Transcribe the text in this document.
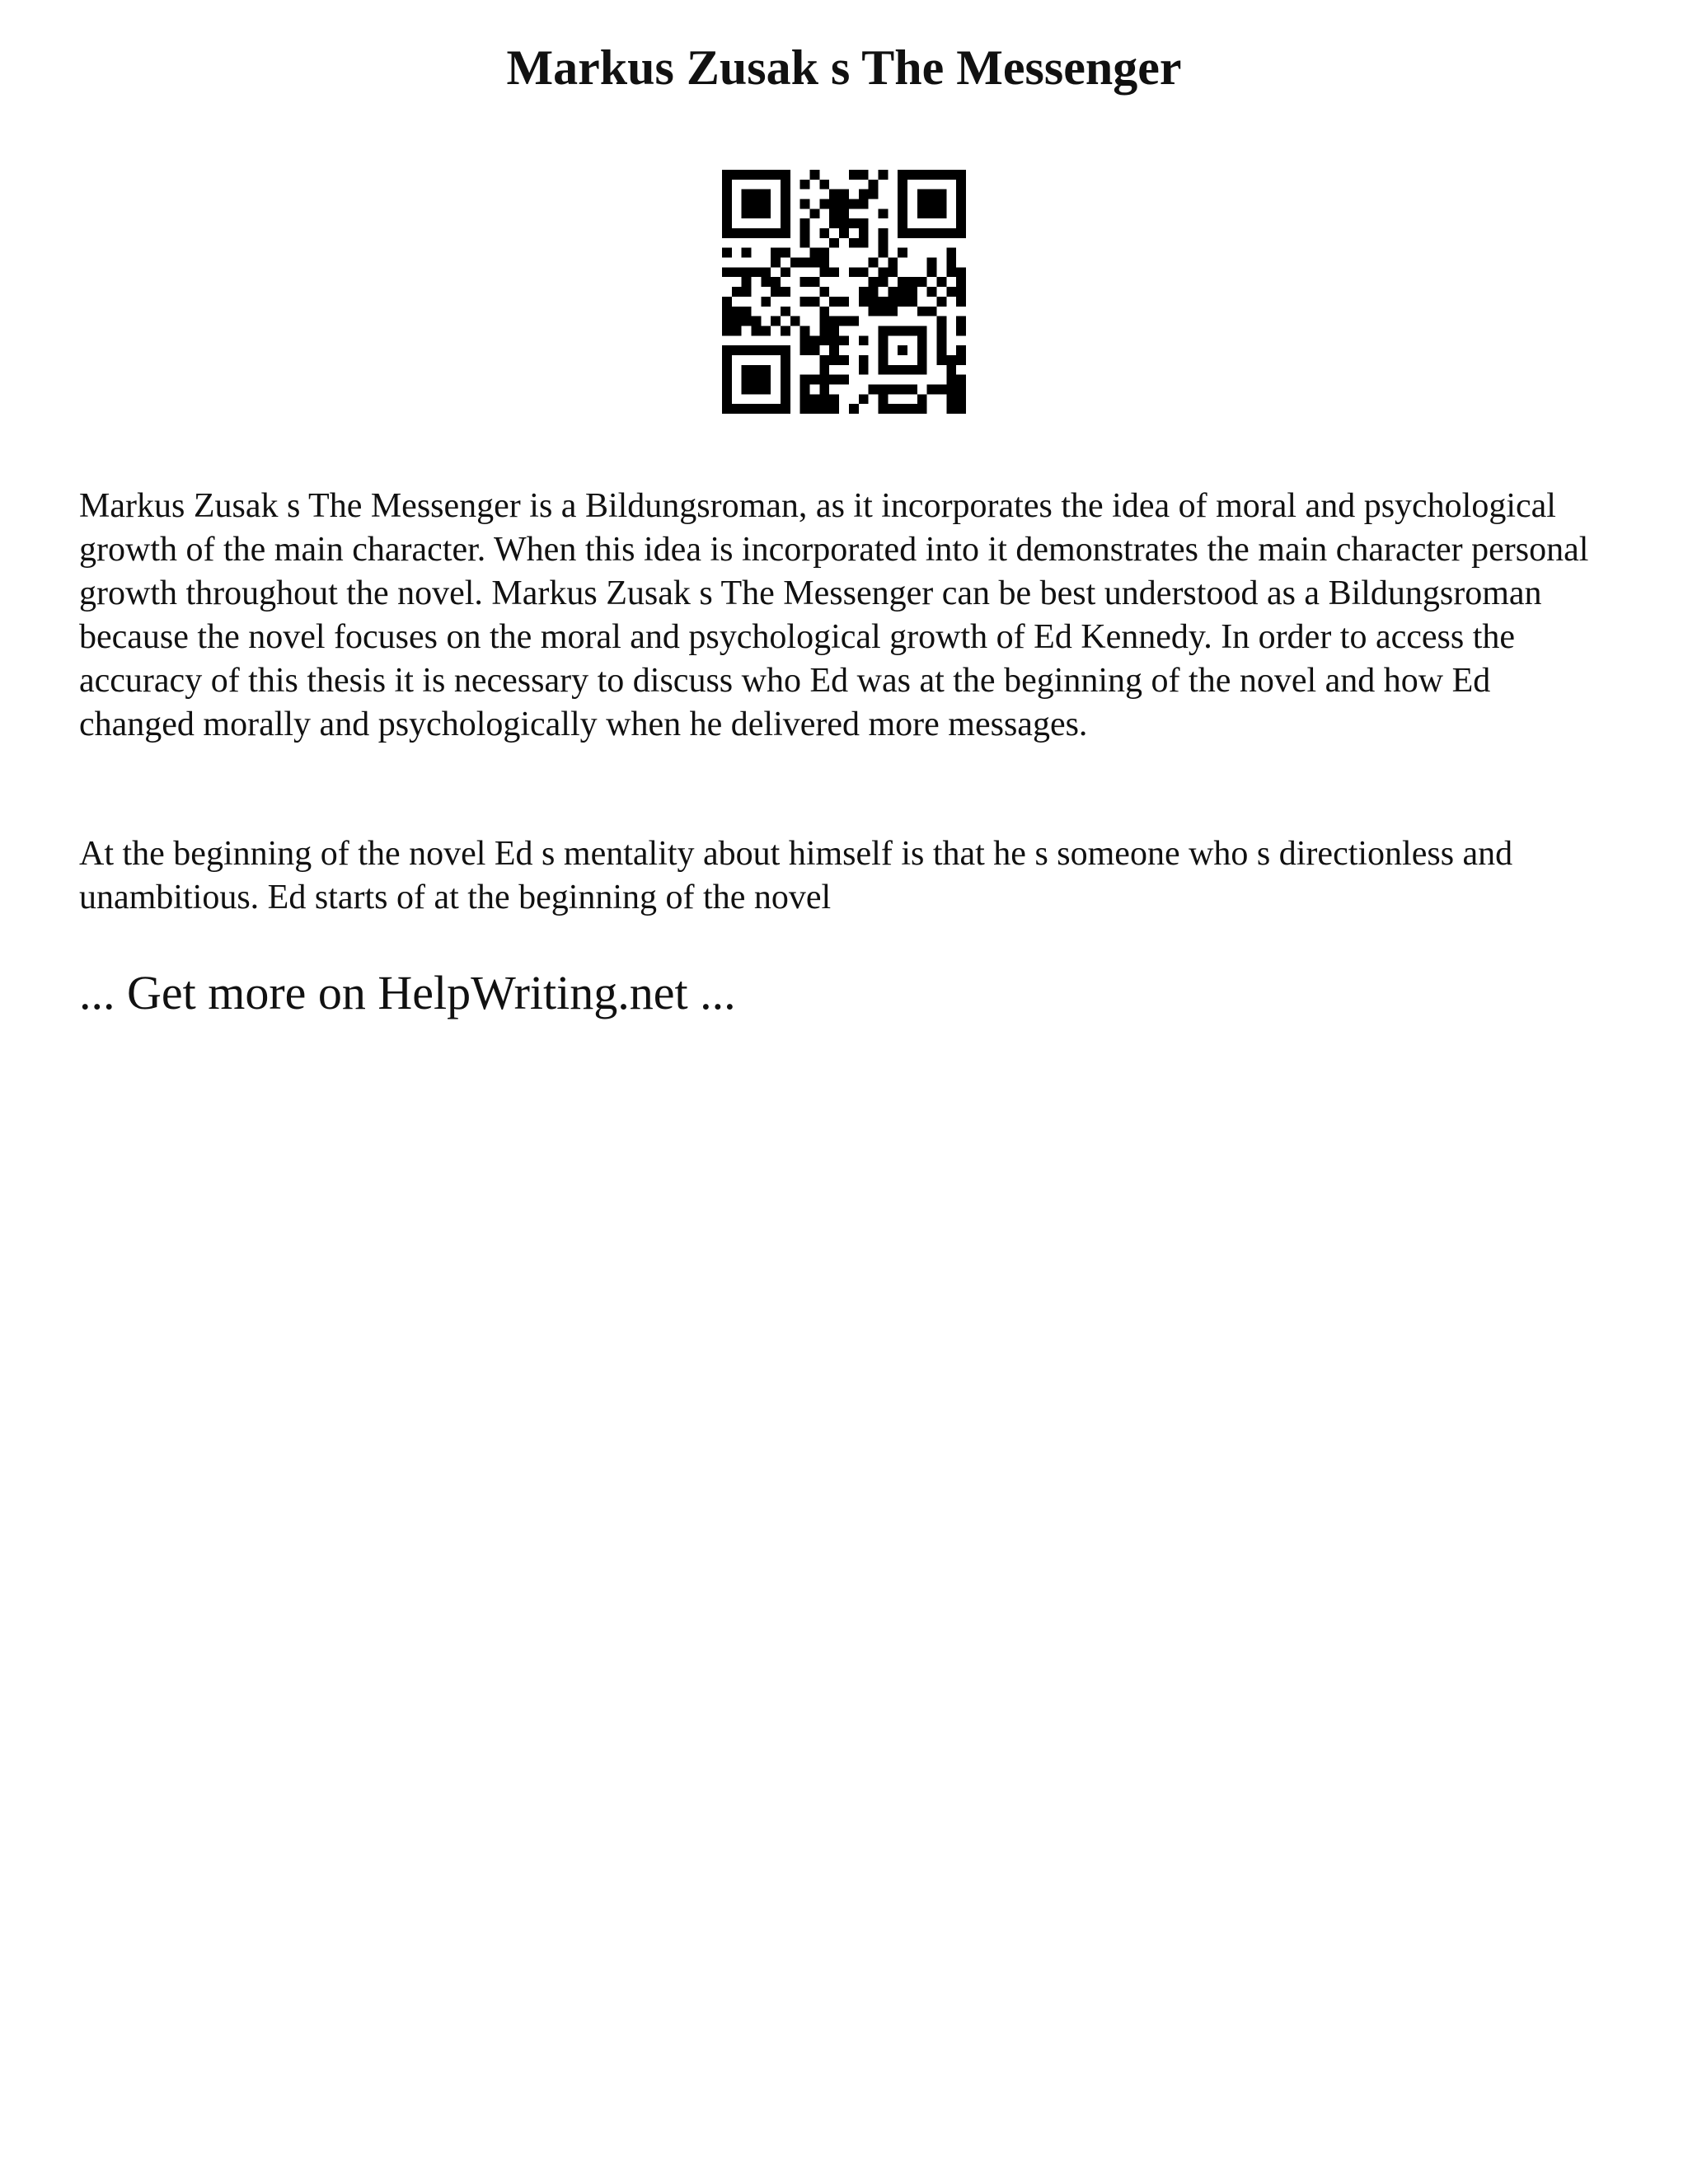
Markus Zusak s The Messenger

Markus Zusak s The Messenger is a Bildungsroman, as it incorporates the idea of moral and psychological growth of the main character. When this idea is incorporated into it demonstrates the main character personal growth throughout the novel. Markus Zusak s The Messenger can be best understood as a Bildungsroman because the novel focuses on the moral and psychological growth of Ed Kennedy. In order to access the accuracy of this thesis it is necessary to discuss who Ed was at the beginning of the novel and how Ed changed morally and psychologically when he delivered more messages.

At the beginning of the novel Ed s mentality about himself is that he s someone who s directionless and unambitious. Ed starts of at the beginning of the novel

... Get more on HelpWriting.net ...
